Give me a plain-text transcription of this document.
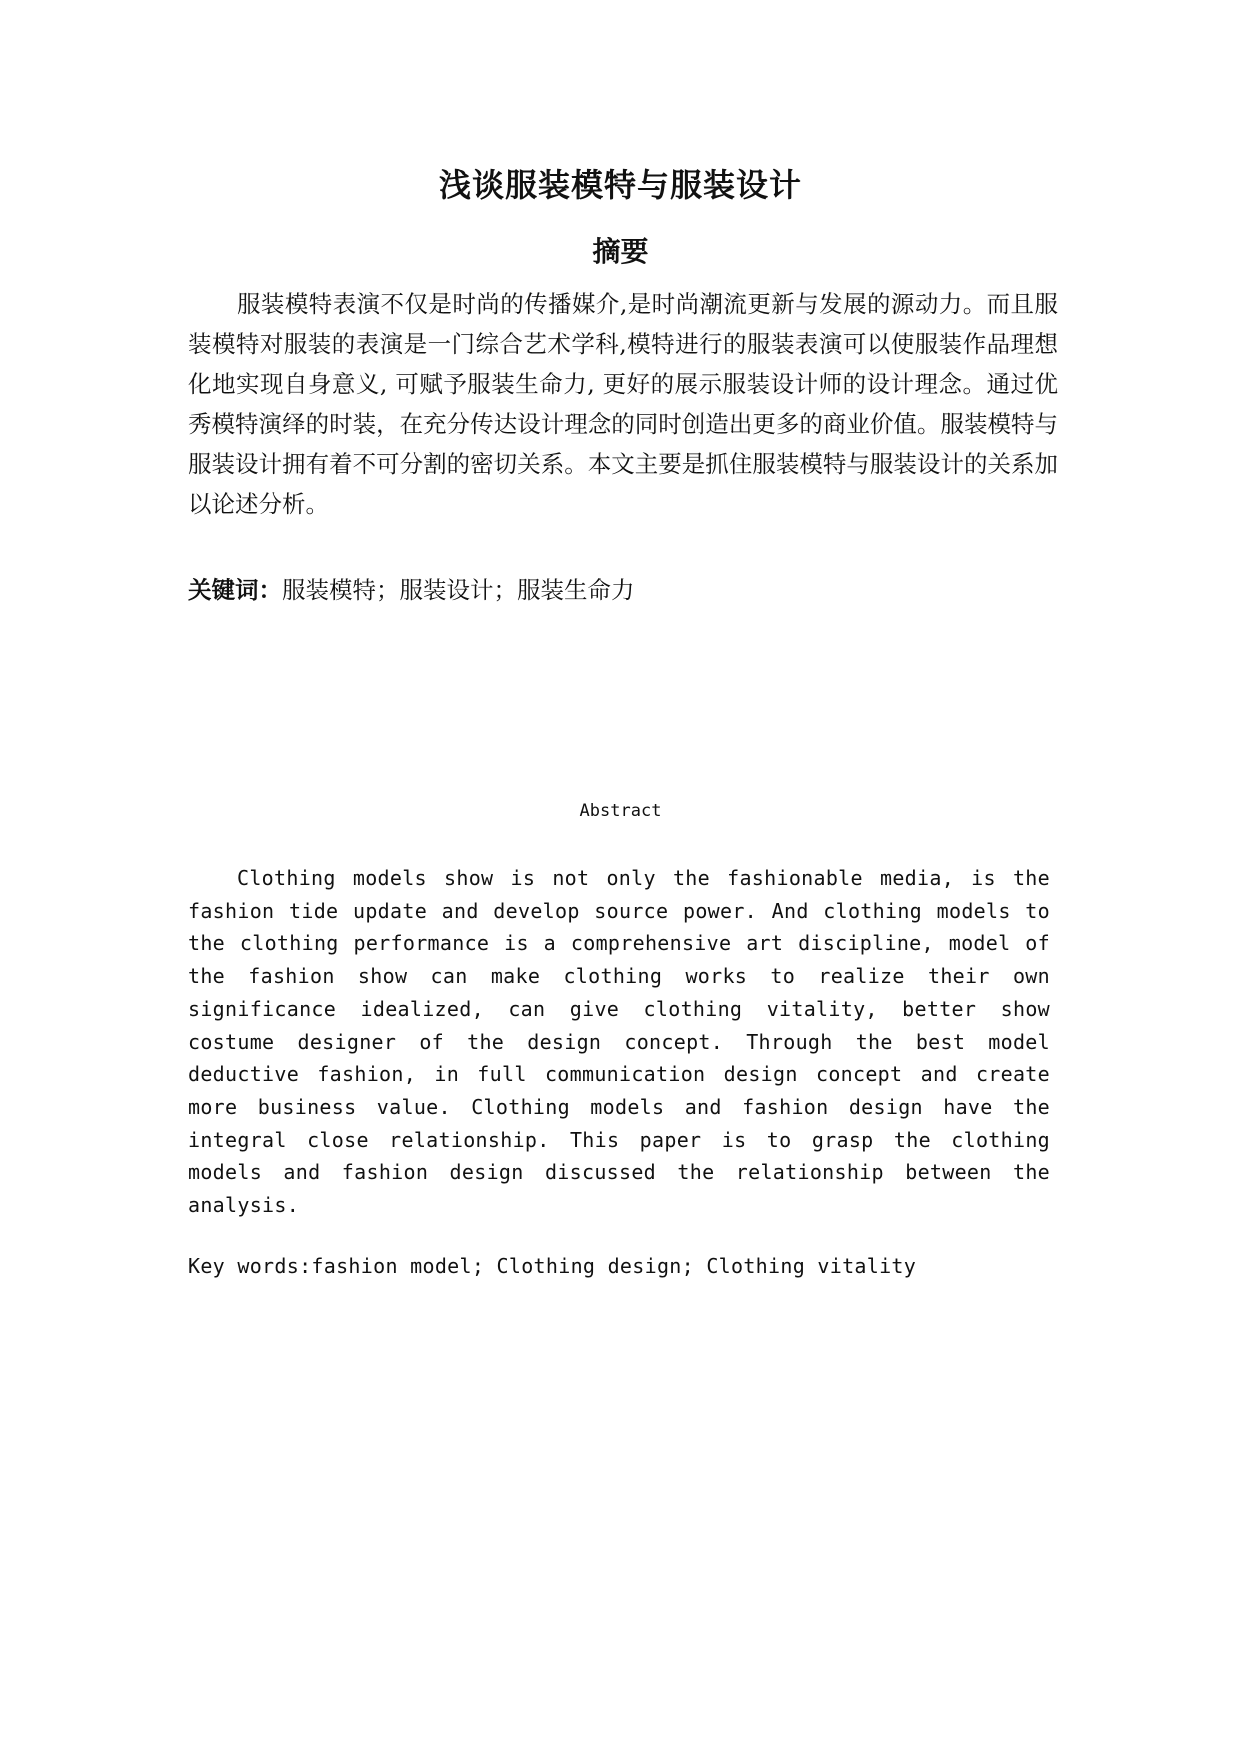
浅谈服装模特与服装设计
摘要

服装模特表演不仅是时尚的传播媒介,是时尚潮流更新与发展的源动力。而且服装模特对服装的表演是一门综合艺术学科,模特进行的服装表演可以使服装作品理想化地实现自身意义, 可赋予服装生命力, 更好的展示服装设计师的设计理念。通过优秀模特演绎的时装，在充分传达设计理念的同时创造出更多的商业价值。服装模特与服装设计拥有着不可分割的密切关系。本文主要是抓住服装模特与服装设计的关系加以论述分析。

关键词：服装模特；服装设计；服装生命力

Abstract

Clothing models show is not only the fashionable media, is the fashion tide update and develop source power. And clothing models to the clothing performance is a comprehensive art discipline, model of the fashion show can make clothing works to realize their own significance idealized, can give clothing vitality, better show costume designer of the design concept. Through the best model deductive fashion, in full communication design concept and create more business value. Clothing models and fashion design have the integral close relationship. This paper is to grasp the clothing models and fashion design discussed the relationship between the analysis.

Key words:fashion model; Clothing design; Clothing vitality
